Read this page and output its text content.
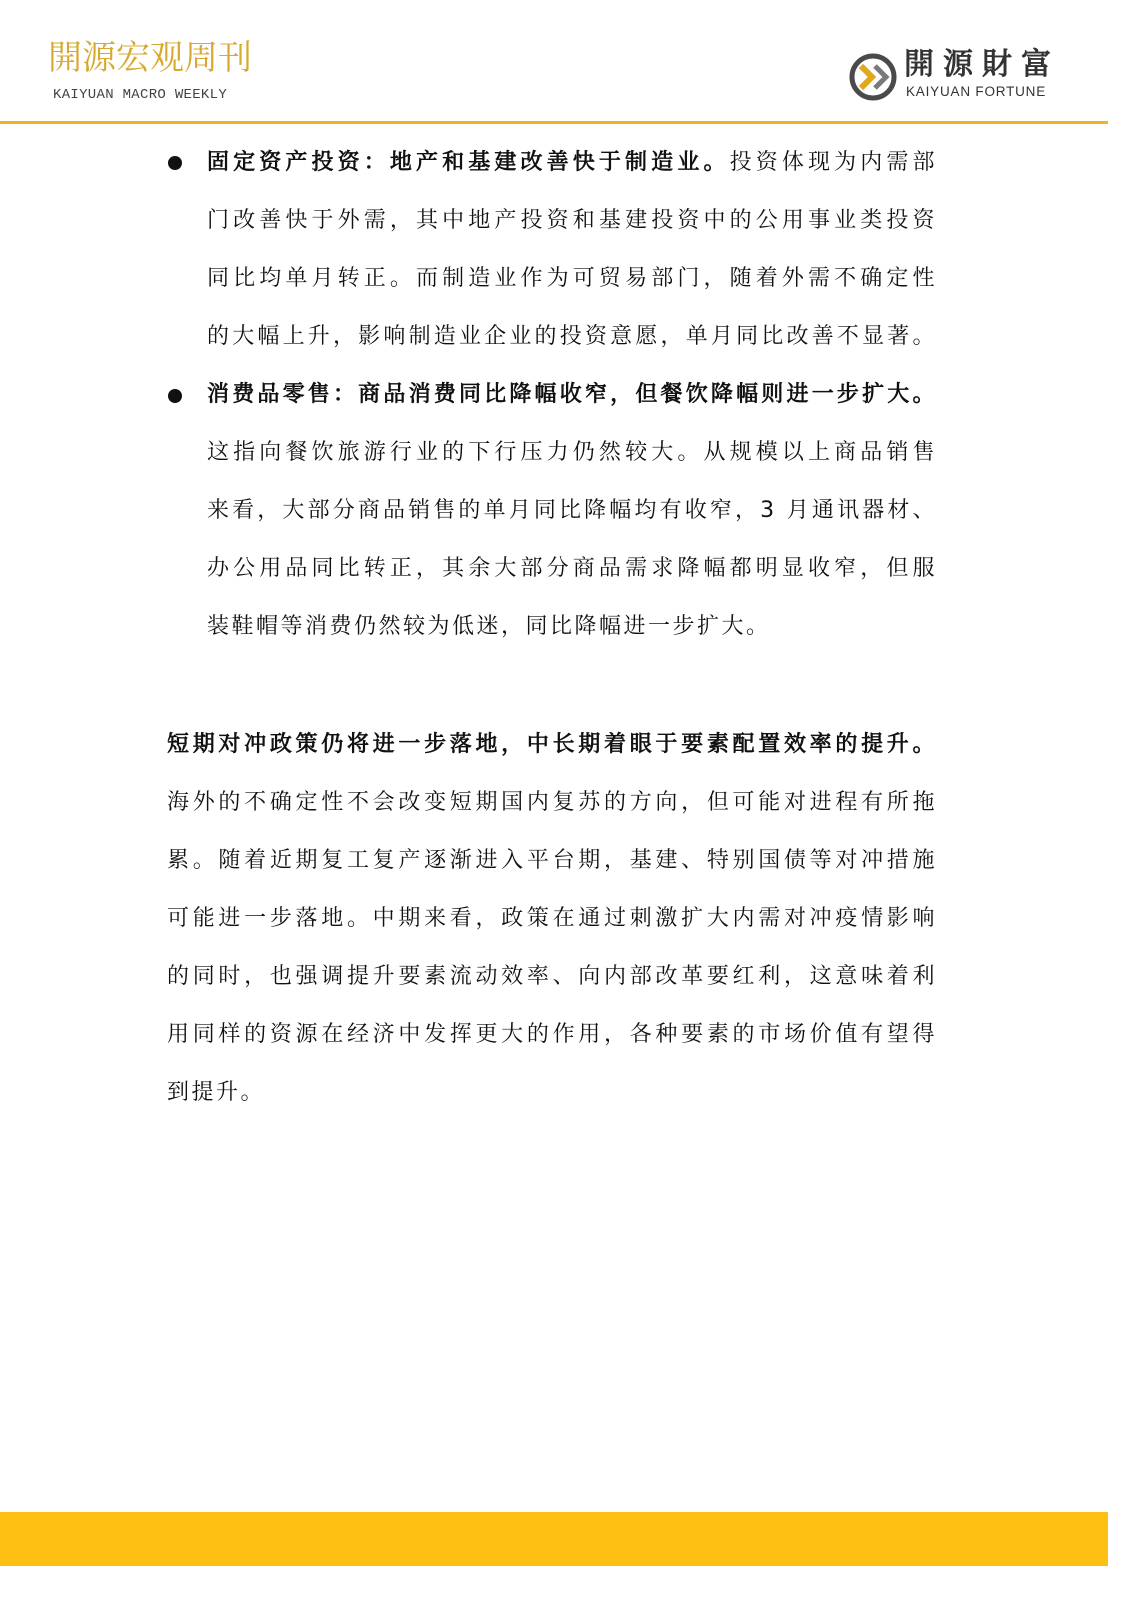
開源宏观周刊
KAIYUAN MACRO WEEKLY
開源財富
KAIYUAN FORTUNE
固定资产投资：地产和基建改善快于制造业。投资体现为内需部
门改善快于外需，其中地产投资和基建投资中的公用事业类投资
同比均单月转正。而制造业作为可贸易部门，随着外需不确定性
的大幅上升，影响制造业企业的投资意愿，单月同比改善不显著。
消费品零售：商品消费同比降幅收窄，但餐饮降幅则进一步扩大。
这指向餐饮旅游行业的下行压力仍然较大。从规模以上商品销售
来看，大部分商品销售的单月同比降幅均有收窄，3 月通讯器材、
办公用品同比转正，其余大部分商品需求降幅都明显收窄，但服
装鞋帽等消费仍然较为低迷，同比降幅进一步扩大。
短期对冲政策仍将进一步落地，中长期着眼于要素配置效率的提升。
海外的不确定性不会改变短期国内复苏的方向，但可能对进程有所拖
累。随着近期复工复产逐渐进入平台期，基建、特别国债等对冲措施
可能进一步落地。中期来看，政策在通过刺激扩大内需对冲疫情影响
的同时，也强调提升要素流动效率、向内部改革要红利，这意味着利
用同样的资源在经济中发挥更大的作用，各种要素的市场价值有望得
到提升。
